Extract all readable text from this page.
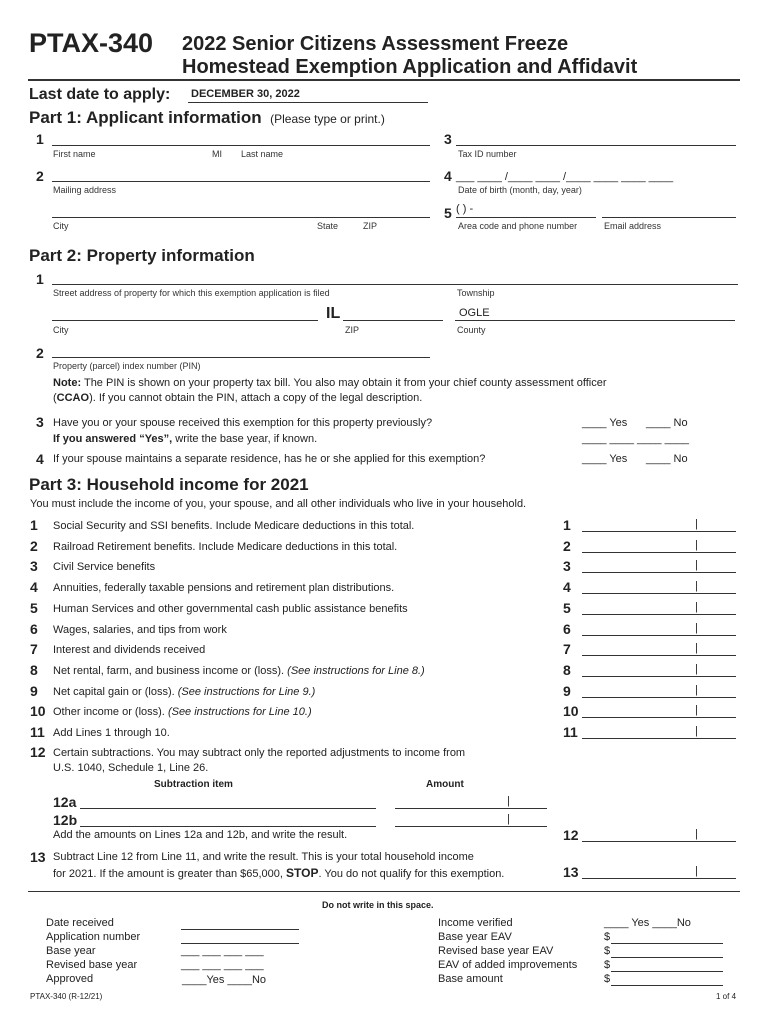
PTAX-340 2022 Senior Citizens Assessment Freeze
Homestead Exemption Application and Affidavit
Last date to apply: DECEMBER 30, 2022
Part 1: Applicant information (Please type or print.)
1
First name	MI Last name
2
Mailing address
City	State	ZIP
3
Tax ID number
4 ___ ____ /____ ____ /____ ____ ____ ____
Date of birth (month, day, year)
5 ( ) -
Area code and phone number	Email address
Part 2: Property information
1
Street address of property for which this exemption application is filed	Township
IL	OGLE
City	ZIP	County
2
Property (parcel) index number (PIN)
Note: The PIN is shown on your property tax bill. You also may obtain it from your chief county assessment officer
(CCAO). If you cannot obtain the PIN, attach a copy of the legal description.
3 Have you or your spouse received this exemption for this property previously?
If you answered “Yes”, write the base year, if known.
____ Yes ____ No
____ ____ ____ ____
4 If your spouse maintains a separate residence, has he or she applied for this exemption?	____ Yes ____ No
Part 3: Household income for 2021
You must include the income of you, your spouse, and all other individuals who live in your household.
1 Social Security and SSI benefits. Include Medicare deductions in this total.	1	|
2 Railroad Retirement benefits. Include Medicare deductions in this total.	2	|
3 Civil Service benefits	3	|
4 Annuities, federally taxable pensions and retirement plan distributions.	4	|
5 Human Services and other governmental cash public assistance benefits	5	|
6 Wages, salaries, and tips from work	6	|
7 Interest and dividends received	7	|
8 Net rental, farm, and business income or (loss). (See instructions for Line 8.)	8	|
9 Net capital gain or (loss). (See instructions for Line 9.)	9	|
10 Other income or (loss). (See instructions for Line 10.)	10	|
11 Add Lines 1 through 10.	11	|
12 Certain subtractions. You may subtract only the reported adjustments to income from
U.S. 1040, Schedule 1, Line 26.
Subtraction item	Amount
12a	|
12b	|
Add the amounts on Lines 12a and 12b, and write the result.	12	|
13 Subtract Line 12 from Line 11, and write the result. This is your total household income
for 2021. If the amount is greater than $65,000, STOP. You do not qualify for this exemption.	13	|
Do not write in this space.
Date received
Application number
Base year	___ ___ ___ ___
Revised base year	___ ___ ___ ___
Approved	____Yes ____No
Income verified	____ Yes ____No
Base year EAV	$
Revised base year EAV	$
EAV of added improvements $
Base amount	$
PTAX-340 (R-12/21)	1 of 4
